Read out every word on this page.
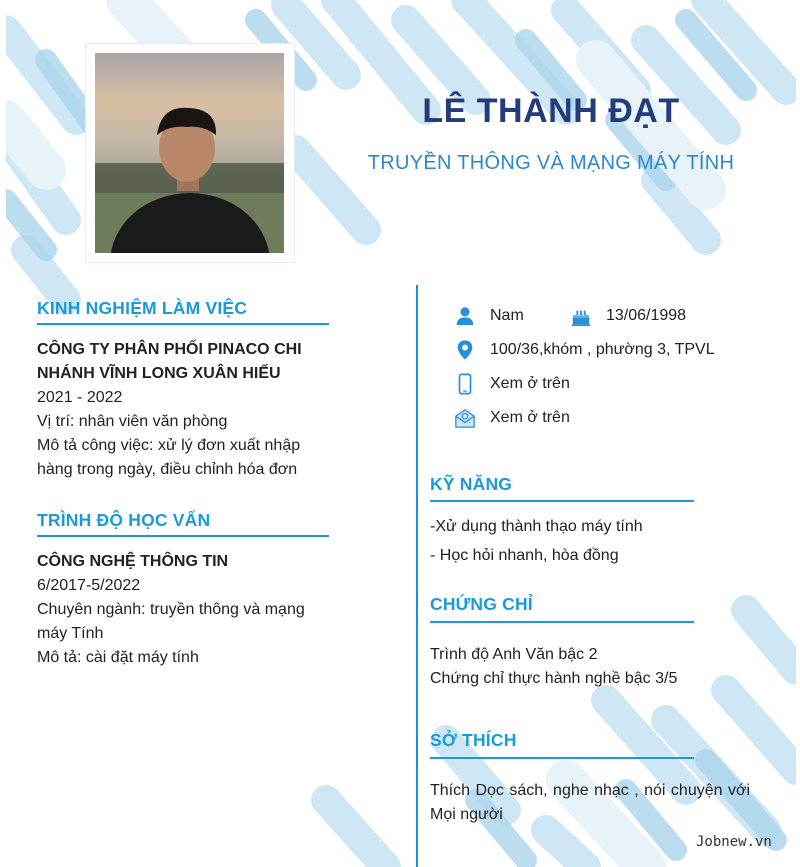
LÊ THÀNH ĐẠT
TRUYỀN THÔNG VÀ MẠNG MÁY TÍNH
KINH NGHIỆM LÀM VIỆC
CÔNG TY PHÂN PHỐI PINACO CHI
NHÁNH VĨNH LONG XUÂN HIẾU
2021 - 2022
Vị trí: nhân viên văn phòng
Mô tả công việc: xử lý đơn xuất nhập
hàng trong ngày, điều chỉnh hóa đơn
TRÌNH ĐỘ HỌC VẤN
CÔNG NGHỆ THÔNG TIN
6/2017-5/2022
Chuyên ngành: truyền thông và mạng
máy Tính
Mô tả: cài đặt máy tính
Nam	13/06/1998
100/36,khóm , phường 3, TPVL
Xem ở trên
Xem ở trên
KỸ NĂNG
-Xử dụng thành thạo máy tính
- Học hỏi nhanh, hòa đồng
CHỨNG CHỈ
Trình độ Anh Văn bậc 2
Chứng chỉ thực hành nghề bậc 3/5
SỞ THÍCH
Thích Dọc sách, nghe nhạc , nói chuyện với
Mọi người
Jobnew.vn
